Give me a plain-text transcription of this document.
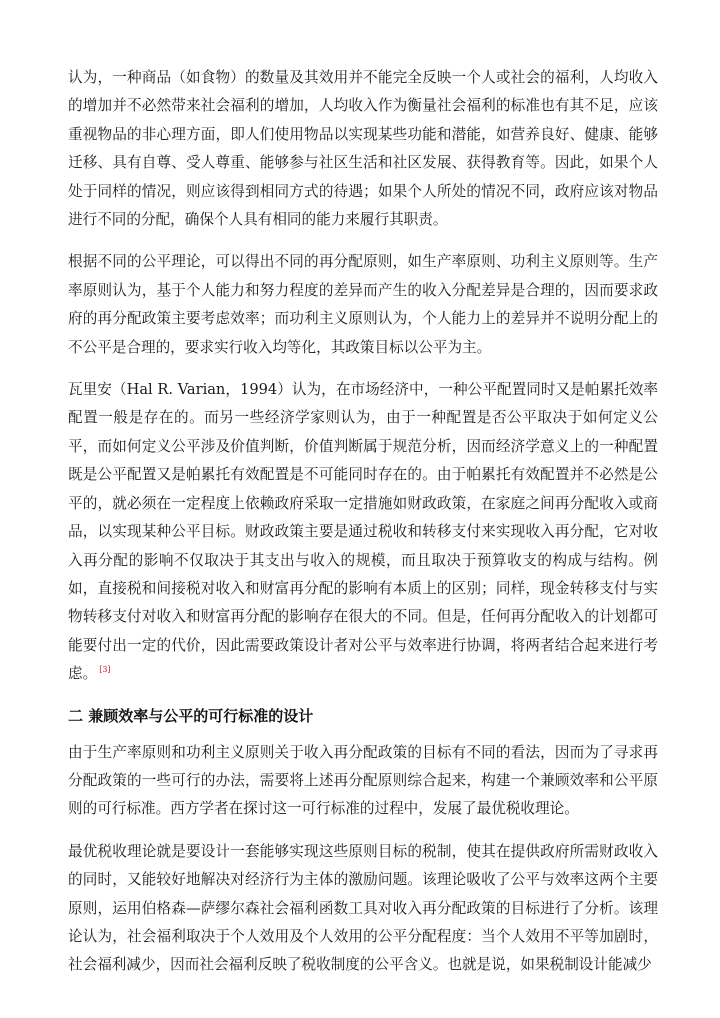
认为，一种商品（如食物）的数量及其效用并不能完全反映一个人或社会的福利，人均收入的增加并不必然带来社会福利的增加，人均收入作为衡量社会福利的标准也有其不足，应该重视物品的非心理方面，即人们使用物品以实现某些功能和潜能，如营养良好、健康、能够迁移、具有自尊、受人尊重、能够参与社区生活和社区发展、获得教育等。因此，如果个人处于同样的情况，则应该得到相同方式的待遇；如果个人所处的情况不同，政府应该对物品进行不同的分配，确保个人具有相同的能力来履行其职责。

根据不同的公平理论，可以得出不同的再分配原则，如生产率原则、功利主义原则等。生产率原则认为，基于个人能力和努力程度的差异而产生的收入分配差异是合理的，因而要求政府的再分配政策主要考虑效率；而功利主义原则认为，个人能力上的差异并不说明分配上的不公平是合理的，要求实行收入均等化，其政策目标以公平为主。

瓦里安（Hal R. Varian，1994）认为，在市场经济中，一种公平配置同时又是帕累托效率配置一般是存在的。而另一些经济学家则认为，由于一种配置是否公平取决于如何定义公平，而如何定义公平涉及价值判断，价值判断属于规范分析，因而经济学意义上的一种配置既是公平配置又是帕累托有效配置是不可能同时存在的。由于帕累托有效配置并不必然是公平的，就必须在一定程度上依赖政府采取一定措施如财政政策，在家庭之间再分配收入或商品，以实现某种公平目标。财政政策主要是通过税收和转移支付来实现收入再分配，它对收入再分配的影响不仅取决于其支出与收入的规模，而且取决于预算收支的构成与结构。例如，直接税和间接税对收入和财富再分配的影响有本质上的区别；同样，现金转移支付与实物转移支付对收入和财富再分配的影响存在很大的不同。但是，任何再分配收入的计划都可能要付出一定的代价，因此需要政策设计者对公平与效率进行协调，将两者结合起来进行考虑。 [3]

二 兼顾效率与公平的可行标准的设计

由于生产率原则和功利主义原则关于收入再分配政策的目标有不同的看法，因而为了寻求再分配政策的一些可行的办法，需要将上述再分配原则综合起来，构建一个兼顾效率和公平原则的可行标准。西方学者在探讨这一可行标准的过程中，发展了最优税收理论。

最优税收理论就是要设计一套能够实现这些原则目标的税制，使其在提供政府所需财政收入的同时，又能较好地解决对经济行为主体的激励问题。该理论吸收了公平与效率这两个主要原则，运用伯格森—萨缪尔森社会福利函数工具对收入再分配政策的目标进行了分析。该理论认为，社会福利取决于个人效用及个人效用的公平分配程度：当个人效用不平等加剧时，社会福利减少，因而社会福利反映了税收制度的公平含义。也就是说，如果税制设计能减少
